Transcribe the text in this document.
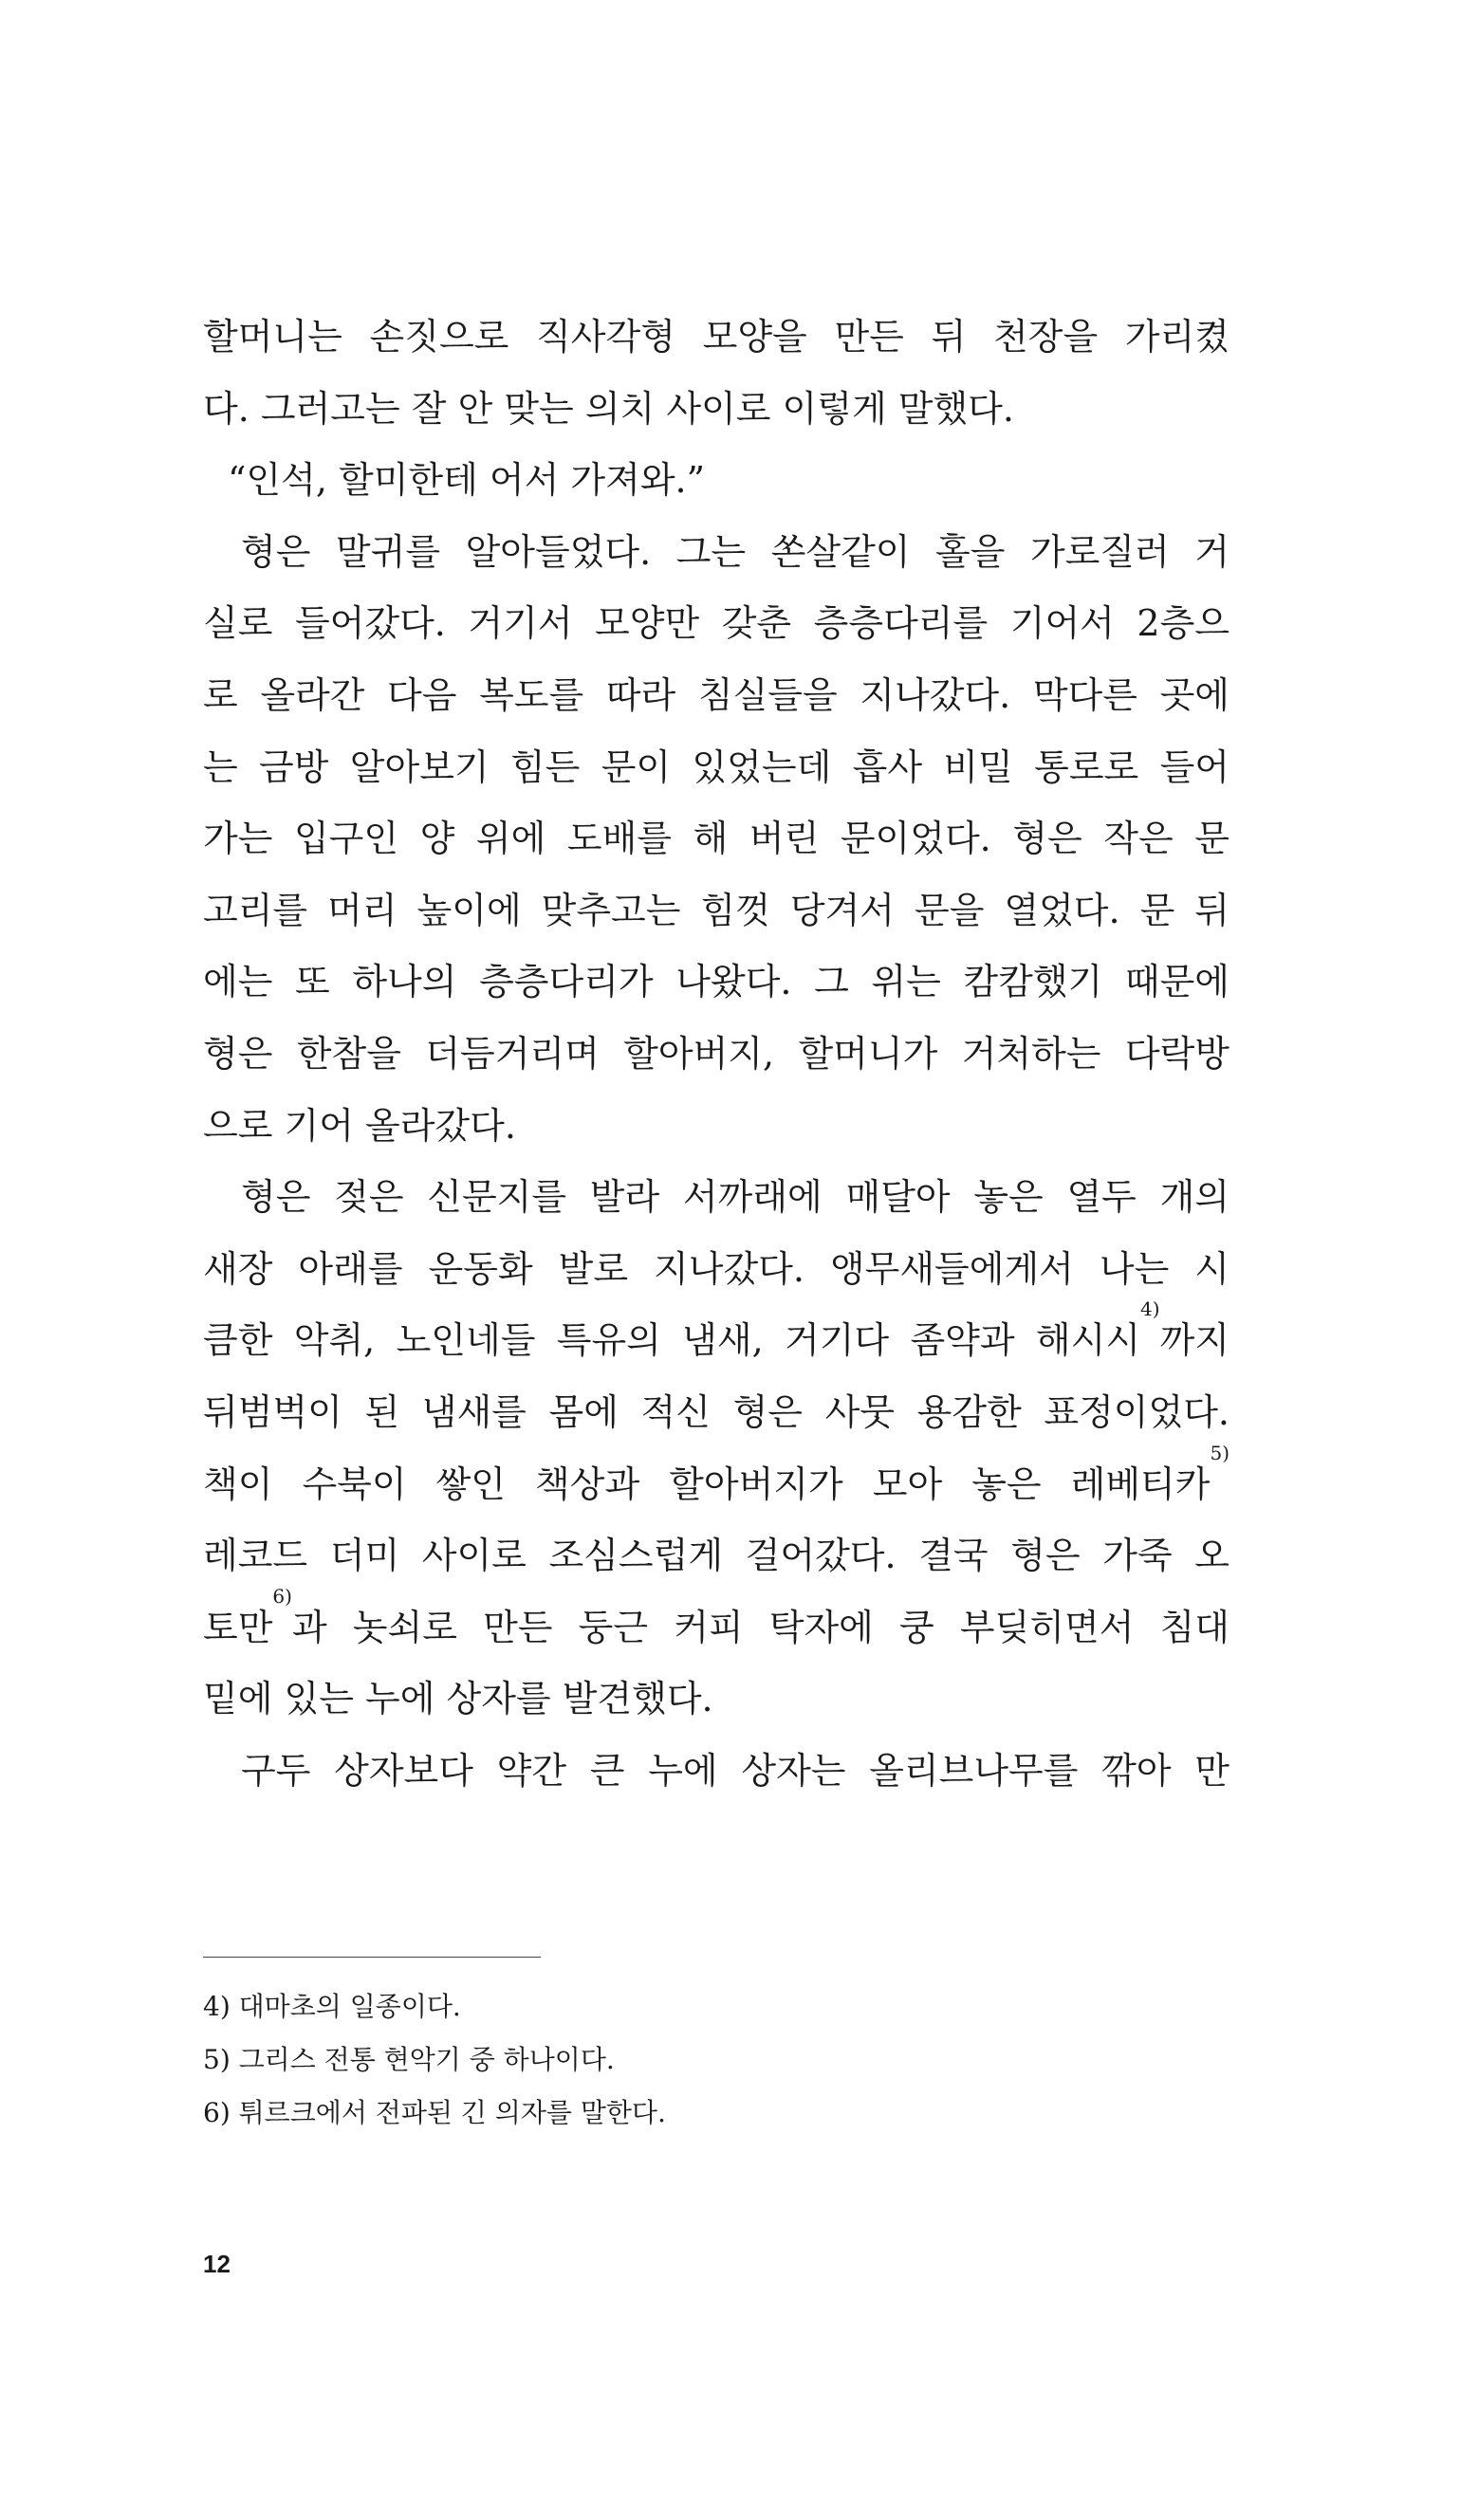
할머니는 손짓으로 직사각형 모양을 만든 뒤 천장을 가리켰
다. 그러고는 잘 안 맞는 의치 사이로 이렇게 말했다.
“인석, 할미한테 어서 가져와.”
형은 말귀를 알아들었다. 그는 쏜살같이 홀을 가로질러 거
실로 들어갔다. 거기서 모양만 갖춘 층층다리를 기어서 2층으
로 올라간 다음 복도를 따라 침실들을 지나갔다. 막다른 곳에
는 금방 알아보기 힘든 문이 있었는데 흡사 비밀 통로로 들어
가는 입구인 양 위에 도배를 해 버린 문이었다. 형은 작은 문
고리를 머리 높이에 맞추고는 힘껏 당겨서 문을 열었다. 문 뒤
에는 또 하나의 층층다리가 나왔다. 그 위는 캄캄했기 때문에
형은 한참을 더듬거리며 할아버지, 할머니가 거처하는 다락방
으로 기어 올라갔다.
형은 젖은 신문지를 발라 서까래에 매달아 놓은 열두 개의
새장 아래를 운동화 발로 지나갔다. 앵무새들에게서 나는 시
큼한 악취, 노인네들 특유의 냄새, 거기다 좀약과 해시시$^{4)}$까지
뒤범벅이 된 냄새를 몸에 적신 형은 사뭇 용감한 표정이었다.
책이 수북이 쌓인 책상과 할아버지가 모아 놓은 레베티카$^{5)}$
레코드 더미 사이로 조심스럽게 걸어갔다. 결국 형은 가죽 오
토만$^{6)}$과 놋쇠로 만든 둥근 커피 탁자에 쿵 부딪히면서 침대
밑에 있는 누에 상자를 발견했다.
구두 상자보다 약간 큰 누에 상자는 올리브나무를 깎아 만
4) 대마초의 일종이다.
5) 그리스 전통 현악기 중 하나이다.
6) 튀르크에서 전파된 긴 의자를 말한다.
12
